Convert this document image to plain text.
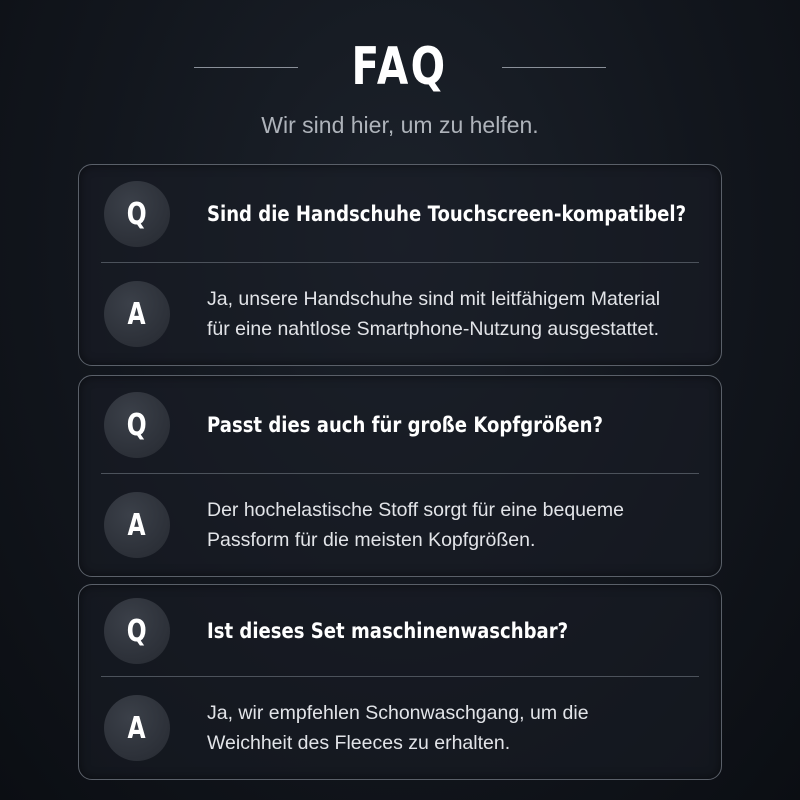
FAQ
Wir sind hier, um zu helfen.
Q	Sind die Handschuhe Touchscreen-kompatibel?
A	Ja, unsere Handschuhe sind mit leitfähigem Material
für eine nahtlose Smartphone-Nutzung ausgestattet.
Q	Passt dies auch für große Kopfgrößen?
A	Der hochelastische Stoff sorgt für eine bequeme
Passform für die meisten Kopfgrößen.
Q	Ist dieses Set maschinenwaschbar?
A	Ja, wir empfehlen Schonwaschgang, um die
Weichheit des Fleeces zu erhalten.
